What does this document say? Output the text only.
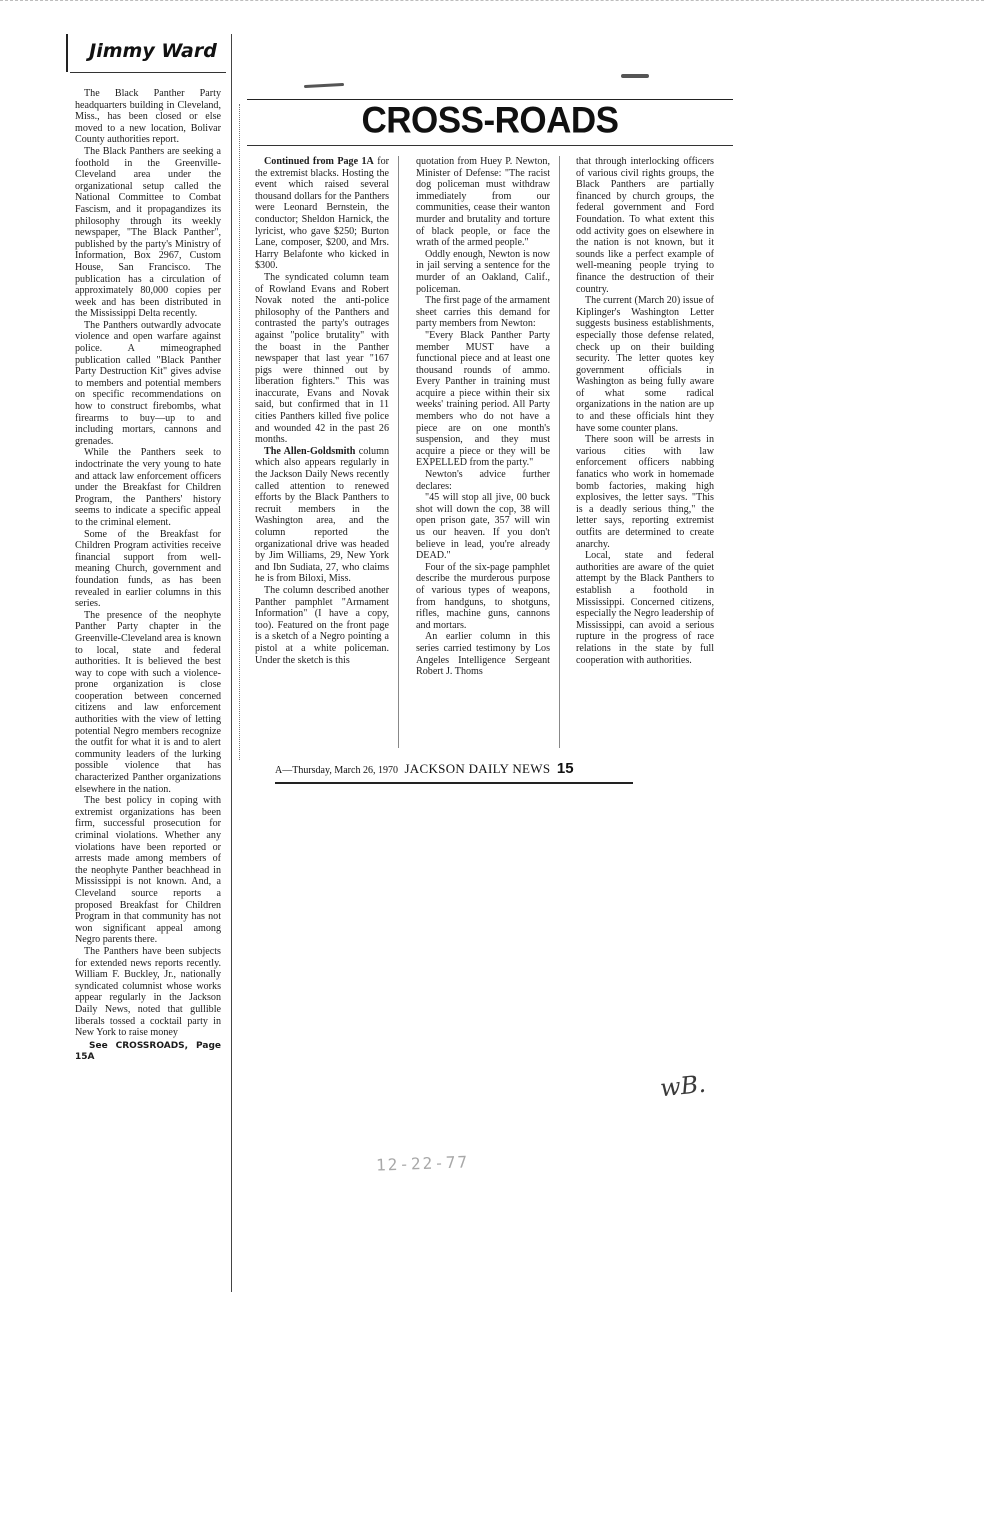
Jimmy Ward

The Black Panther Party headquarters building in Cleveland, Miss., has been closed or else moved to a new location, Bolivar County authorities report.

The Black Panthers are seeking a foothold in the Greenville-Cleveland area under the organizational setup called the National Committee to Combat Fascism, and it propagandizes its philosophy through its weekly newspaper, "The Black Panther", published by the party's Ministry of Information, Box 2967, Custom House, San Francisco. The publication has a circulation of approximately 80,000 copies per week and has been distributed in the Mississippi Delta recently.

The Panthers outwardly advocate violence and open warfare against police. A mimeographed publication called "Black Panther Party Destruction Kit" gives advise to members and potential members on specific recommendations on how to construct firebombs, what firearms to buy—up to and including mortars, cannons and grenades.

While the Panthers seek to indoctrinate the very young to hate and attack law enforcement officers under the Breakfast for Children Program, the Panthers' history seems to indicate a specific appeal to the criminal element.

Some of the Breakfast for Children Program activities receive financial support from well-meaning Church, government and foundation funds, as has been revealed in earlier columns in this series.

The presence of the neophyte Panther Party chapter in the Greenville-Cleveland area is known to local, state and federal authorities. It is believed the best way to cope with such a violence-prone organization is close cooperation between concerned citizens and law enforcement authorities with the view of letting potential Negro members recognize the outfit for what it is and to alert community leaders of the lurking possible violence that has characterized Panther organizations elsewhere in the nation.

The best policy in coping with extremist organizations has been firm, successful prosecution for criminal violations. Whether any violations have been reported or arrests made among members of the neophyte Panther beachhead in Mississippi is not known. And, a Cleveland source reports a proposed Breakfast for Children Program in that community has not won significant appeal among Negro parents there.

The Panthers have been subjects for extended news reports recently. William F. Buckley, Jr., nationally syndicated columnist whose works appear regularly in the Jackson Daily News, noted that gullible liberals tossed a cocktail party in New York to raise money

See CROSSROADS, Page 15A

CROSS-ROADS

Continued from Page 1A for the extremist blacks. Hosting the event which raised several thousand dollars for the Panthers were Leonard Bernstein, the conductor; Sheldon Harnick, the lyricist, who gave $250; Burton Lane, composer, $200, and Mrs. Harry Belafonte who kicked in $300.

The syndicated column team of Rowland Evans and Robert Novak noted the anti-police philosophy of the Panthers and contrasted the party's outrages against "police brutality" with the boast in the Panther newspaper that last year "167 pigs were thinned out by liberation fighters." This was inaccurate, Evans and Novak said, but confirmed that in 11 cities Panthers killed five police and wounded 42 in the past 26 months.

The Allen-Goldsmith column which also appears regularly in the Jackson Daily News recently called attention to renewed efforts by the Black Panthers to recruit members in the Washington area, and the column reported the organizational drive was headed by Jim Williams, 29, New York and Ibn Sudiata, 27, who claims he is from Biloxi, Miss.

The column described another Panther pamphlet "Armament Information" (I have a copy, too). Featured on the front page is a sketch of a Negro pointing a pistol at a white policeman. Under the sketch is this

quotation from Huey P. Newton, Minister of Defense: "The racist dog policeman must withdraw immediately from our communities, cease their wanton murder and brutality and torture of black people, or face the wrath of the armed people."

Oddly enough, Newton is now in jail serving a sentence for the murder of an Oakland, Calif., policeman.

The first page of the armament sheet carries this demand for party members from Newton:

"Every Black Panther Party member MUST have a functional piece and at least one thousand rounds of ammo. Every Panther in training must acquire a piece within their six weeks' training period. All Party members who do not have a piece are on one month's suspension, and they must acquire a piece or they will be EXPELLED from the party."

Newton's advice further declares:

"45 will stop all jive, 00 buck shot will down the cop, 38 will open prison gate, 357 will win us our heaven. If you don't believe in lead, you're already DEAD."

Four of the six-page pamphlet describe the murderous purpose of various types of weapons, from handguns, to shotguns, rifles, machine guns, cannons and mortars.

An earlier column in this series carried testimony by Los Angeles Intelligence Sergeant Robert J. Thoms

that through interlocking officers of various civil rights groups, the Black Panthers are partially financed by church groups, the federal government and Ford Foundation. To what extent this odd activity goes on elsewhere in the nation is not known, but it sounds like a perfect example of well-meaning people trying to finance the destruction of their country.

The current (March 20) issue of Kiplinger's Washington Letter suggests business establishments, especially those defense related, check up on their building security. The letter quotes key government officials in Washington as being fully aware of what some radical organizations in the nation are up to and these officials hint they have some counter plans.

There soon will be arrests in various cities with law enforcement officers nabbing fanatics who work in homemade bomb factories, making high explosives, the letter says. "This is a deadly serious thing," the letter says, reporting extremist outfits are determined to create anarchy.

Local, state and federal authorities are aware of the quiet attempt by the Black Panthers to establish a foothold in Mississippi. Concerned citizens, especially the Negro leadership of Mississippi, can avoid a serious rupture in the progress of race relations in the state by full cooperation with authorities.

A—Thursday, March 26, 1970 JACKSON DAILY NEWS 15
wB.
12-22-77
